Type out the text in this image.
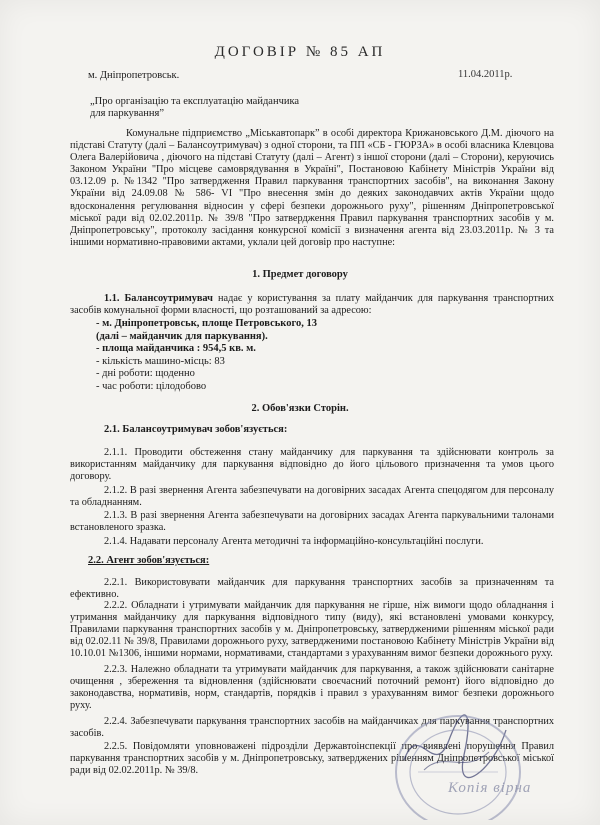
ДОГОВІР № 85 АП
м. Дніпропетровськ.	11.04.2011р.
„Про організацію та експлуатацію майданчика для паркування”

Комунальне підприємство „Міськавтопарк” в особі директора Крижановського Д.М. діючого на підставі Статуту (далі – Балансоутримувач) з одної сторони, та ПП «СБ - ГЮРЗА» в особі власника Клевцова Олега Валерійовича , діючого на підставі Статуту (далі – Агент) з іншої сторони (далі – Сторони), керуючись Законом України "Про місцеве самоврядування в Україні", Постановою Кабінету Міністрів України від 03.12.09 р. №1342 "Про затвердження Правил паркування транспортних засобів", на виконання Закону України від 24.09.08 № 586- VI "Про внесення змін до деяких законодавчих актів України щодо вдосконалення регулювання відносин у сфері безпеки дорожнього руху", рішенням Дніпропетровської міської ради від 02.02.2011р. № 39/8 "Про затвердження Правил паркування транспортних засобів у м. Дніпропетровську", протоколу засідання конкурсної комісії з визначення агента від 23.03.2011р. № 3 та іншими нормативно-правовими актами, уклали цей договір про наступне:

1. Предмет договору

1.1. Балансоутримувач надає у користування за плату майданчик для паркування транспортних засобів комунальної форми власності, що розташований за адресою:

- м. Дніпропетровськ, площе Петровського, 13
(далі – майданчик для паркування).
- площа майданчика : 954,5 кв. м.
- кількість машино-місць: 83
- дні роботи: щоденно
- час роботи: цілодобово
2. Обов'язки Сторін.
2.1. Балансоутримувач зобов'язується:

2.1.1. Проводити обстеження стану майданчику для паркування та здійснювати контроль за використанням майданчику для паркування відповідно до його цільового призначення та умов цього договору.

2.1.2. В разі звернення Агента забезпечувати на договірних засадах Агента спецодягом для персоналу та обладнанням.

2.1.3. В разі звернення Агента забезпечувати на договірних засадах Агента паркувальними талонами встановленого зразка.

2.1.4. Надавати персоналу Агента методичні та інформаційно-консультаційні послуги.

2.2. Агент зобов'язується:

2.2.1. Використовувати майданчик для паркування транспортних засобів за призначенням та ефективно.

2.2.2. Обладнати і утримувати майданчик для паркування не гірше, ніж вимоги щодо обладнання і утримання майданчику для паркування відповідного типу (виду), які встановлені умовами конкурсу, Правилами паркування транспортних засобів у м. Дніпропетровську, затвердженими рішенням міської ради від 02.02.11 № 39/8, Правилами дорожнього руху, затвердженими постановою Кабінету Міністрів України від 10.10.01 №1306, іншими нормами, нормативами, стандартами з урахуванням вимог безпеки дорожнього руху.

2.2.3. Належно обладнати та утримувати майданчик для паркування, а також здійснювати санітарне очищення , збереження та відновлення (здійснювати своєчасний поточний ремонт) його відповідно до законодавства, нормативів, норм, стандартів, порядків і правил з урахуванням вимог безпеки дорожнього руху.

2.2.4. Забезпечувати паркування транспортних засобів на майданчиках для паркування транспортних засобів.

2.2.5. Повідомляти уповноважені підрозділи Державтоінспекції про виявлені порушення Правил паркування транспортних засобів у м. Дніпропетровську, затверджених рішенням Дніпропетровської міської ради від 02.02.2011р. № 39/8.

Копія вірна
